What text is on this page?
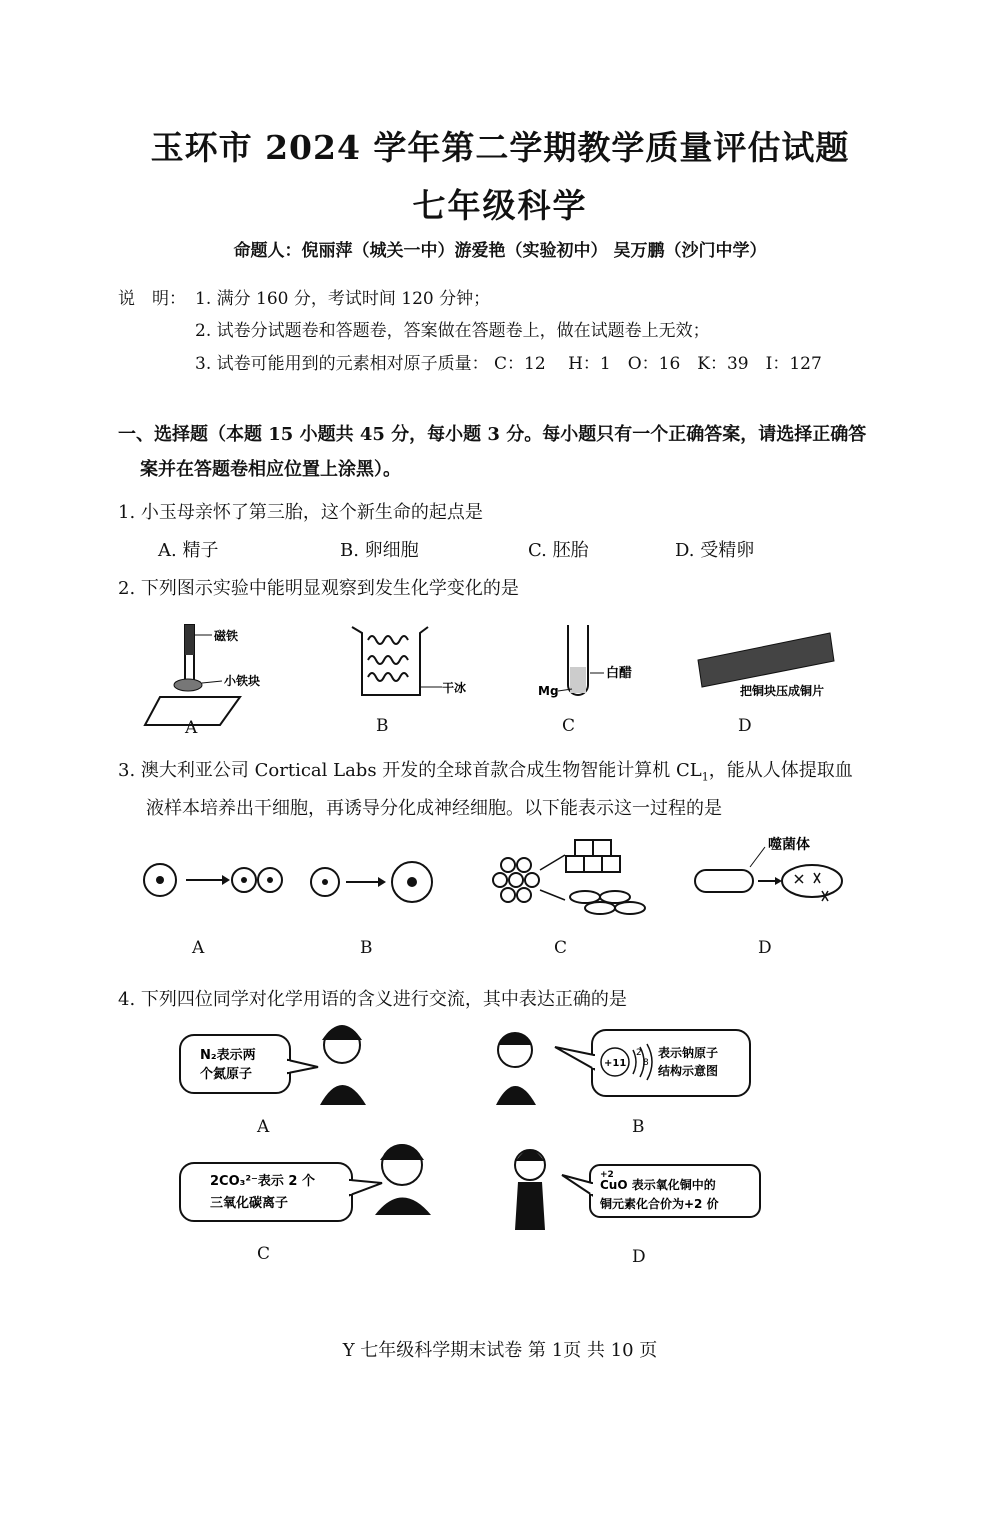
玉环市 2024 学年第二学期教学质量评估试题
七年级科学
命题人：倪丽萍（城关一中）游爱艳（实验初中） 吴万鹏（沙门中学）
说　明： 1. 满分 160 分，考试时间 120 分钟；
2. 试卷分试题卷和答题卷，答案做在答题卷上，做在试题卷上无效；
3. 试卷可能用到的元素相对原子质量： C：12　 H：1　O：16　K：39　I：127
一、选择题（本题 15 小题共 45 分，每小题 3 分。每小题只有一个正确答案，请选择正确答
案并在答题卷相应位置上涂黑）。
1. 小玉母亲怀了第三胎，这个新生命的起点是
A. 精子	B. 卵细胞	C. 胚胎	D. 受精卵
2. 下列图示实验中能明显观察到发生化学变化的是
磁铁
小铁块	干冰
白醋
Mg	把铜块压成铜片
A	B	C	D
3. 澳大利亚公司 Cortical Labs 开发的全球首款合成生物智能计算机 $CL_1$，能从人体提取血
液样本培养出干细胞，再诱导分化成神经细胞。以下能表示这一过程的是
噬菌体
A	B	C	D
4. 下列四位同学对化学用语的含义进行交流，其中表达正确的是
N₂表示两
个氮原子
+11
2
8
表示钠原子
结构示意图
2CO₃²⁻表示 2 个
三氧化碳离子
+2
CuO 表示氧化铜中的
铜元素化合价为+2 价
A	B
C	D
Y 七年级科学期末试卷 第 1页 共 10 页
